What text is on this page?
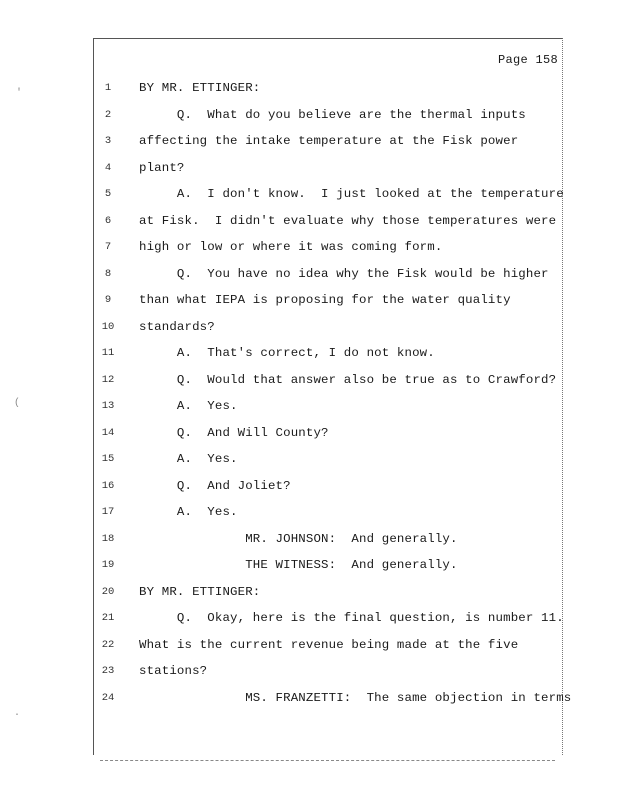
Page 158
1	BY MR. ETTINGER:
2	Q.  What do you believe are the thermal inputs
3	affecting the intake temperature at the Fisk power
4	plant?
5	A.  I don't know.  I just looked at the temperature
6	at Fisk.  I didn't evaluate why those temperatures were
7	high or low or where it was coming form.
8	Q.  You have no idea why the Fisk would be higher
9	than what IEPA is proposing for the water quality
10 standards?
11 A.  That's correct, I do not know.
12 Q.  Would that answer also be true as to Crawford?
13 A.  Yes.
14 Q.  And Will County?
15 A.  Yes.
16 Q.  And Joliet?
17 A.  Yes.
18 MR. JOHNSON:  And generally.
19 THE WITNESS:  And generally.
20 BY MR. ETTINGER:
21 Q.  Okay, here is the final question, is number 11.
22 What is the current revenue being made at the five
23 stations?
24 MS. FRANZETTI:  The same objection in terms
'
(
.
